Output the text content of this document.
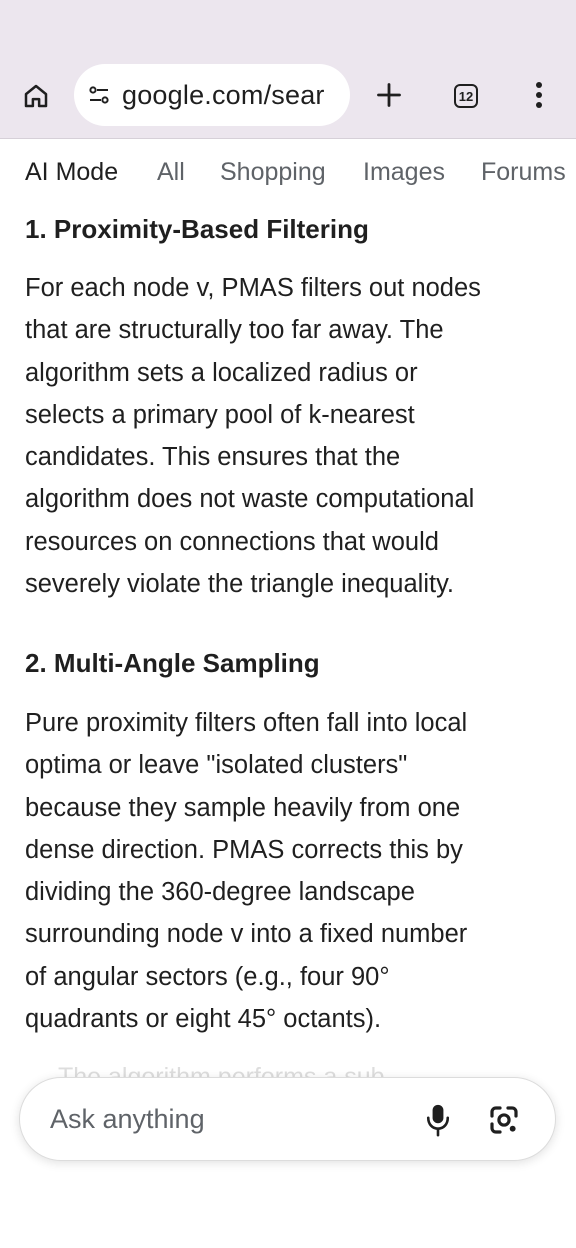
google.com/sear	12
AI Mode All Shopping Images Forums
1. Proximity-Based Filtering

For each node v, PMAS filters out nodes
that are structurally too far away. The
algorithm sets a localized radius or
selects a primary pool of k-nearest
candidates. This ensures that the
algorithm does not waste computational
resources on connections that would
severely violate the triangle inequality.

2. Multi-Angle Sampling

Pure proximity filters often fall into local
optima or leave "isolated clusters"
because they sample heavily from one
dense direction. PMAS corrects this by
dividing the 360-degree landscape
surrounding node v into a fixed number
of angular sectors (e.g., four 90°
quadrants or eight 45° octants).

Ask anything
